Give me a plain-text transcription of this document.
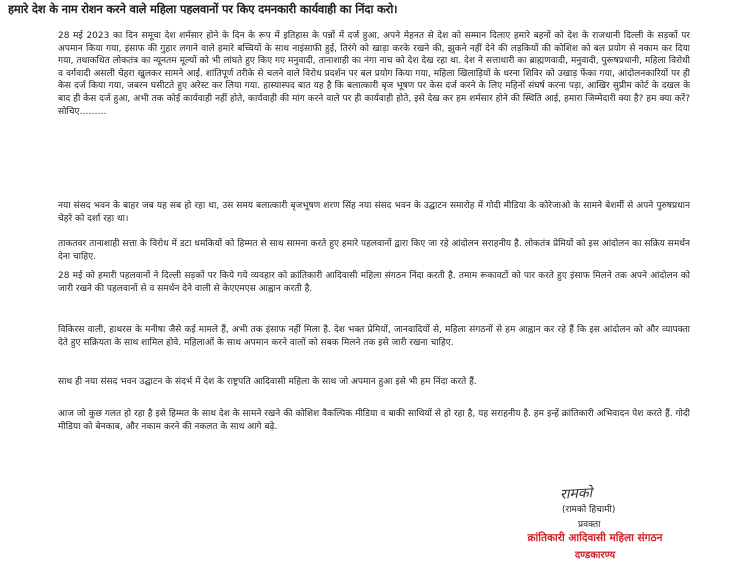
हमारे देश के नाम रोशन करने वाले महिला पहलवानों पर किए दमनकारी कार्यवाही का निंदा करो।
28 मई 2023 का दिन समूचा देश शर्मसार होने के दिन के रूप में इतिहास के पन्नों में दर्ज हुआ, अपने मेहनत से देश को सम्मान दिलाए हमारे बहनों को देश के राजधानी दिल्ली के सड़कों पर अपमान किया गया, इंसाफ की गुहार लगाने वाले हमारे बच्चियों के साथ नाइंसाफी हुई, तिरंगे को खाड़ा करके रखने की, झुकने नहीं देने की लड़कियों की कोशिश को बल प्रयोग से नकाम कर दिया गया, तथाकथित लोकतंत्र का न्यूनतम मूल्यों को भी लांघते हुए किए गए मनुवादी, तानाशाही का नंगा नाच को देश देख रहा था. देश ने सत्ताधारी का ब्राह्मणवादी, मनुवादी, पुरूषप्रधानी, महिला विरोधी व वर्गवादी असली चेहरा खुलकर सामने आई. शांतिपूर्ण तरीके से चलने वाले विरोध प्रदर्शन पर बल प्रयोग किया गया, महिला खिलाड़ियों के धरना शिविर को उखाड़ फेंका गया, आंदोलनकारियों पर ही केस दर्ज किया गया, जबरन घसीटते हुए अरेस्ट कर लिया गया. हास्यास्पद बात यह है कि बलात्कारी बृज भूषण पर केस दर्ज करने के लिए महिनों संघर्ष करना पड़ा, आखिर सुप्रीम कोर्ट के दखल के बाद ही केस दर्ज हुआ, अभी तक कोई कार्यवाही नहीं होते, कार्यवाही की मांग करने वाले पर ही कार्यवाही होते, इसे देख कर हम शर्मसार होने की स्थिति आई, हमारा जिम्मेदारी क्या है? हम क्या करें? सोचिए………
नया संसद भवन के बाहर जब यह सब हो रहा था, उस समय बलात्कारी बृजभूषण शरण सिंह नया संसद भवन के उद्घाटन समारोह में गोदी मीडिया के कोरेजाओ के सामने बेशर्मी से अपने पुरुषप्रधान चेहरे को दर्शा रहा था।
ताकतवर तानाशाही सत्ता के विरोध में डटा धमकियों को हिम्मत से साथ सामना करते हुए हमारे पहलवानों द्वारा किए जा रहे आंदोलन सराहनीय है. लोकतंत्र प्रेमियों को इस आंदोलन का सक्रिय समर्थन देना चाहिए.
28 मई को हमारी पहलवानों ने दिल्ली सड़कों पर किये गये व्यवहार को क्रांतिकारी आदिवासी महिला संगठन निंदा करती है. तमाम रूकावटों को पार करते हुए इंसाफ मिलने तक अपने आंदोलन को जारी रखने की पहलवानों से व समर्थन देने वाली से केएएमएस आह्वान करती है.
विकिरस वाली, हाथरस के मनीषा जैसे कई मामले हैं, अभी तक इंसाफ नहीं मिला है. देश भक्त प्रेमियों, जानवादियों से, महिला संगठनों से हम आह्वान कर रहे हैं कि इस आंदोलन को और व्यापक्ता देते हुए सक्रियता के साथ शामिल होवे. महिलाओं के साथ अपमान करने वालों को सबक मिलने तक इसे जारी रखना चाहिए.
साथ ही नया संसद भवन उद्घाटन के संदर्भ में देश के राष्ट्रपति आदिवासी महिला के साथ जो अपमान हुआ इसे भी हम निंदा करते हैं.
आज जो कुछ गलत हो रहा है इसे हिम्मत के साथ देश के सामने रखने की कोशिश वैकल्पिक मीडिया व बाकी साथियों से हो रहा है, यह सराहनीय है. हम इन्हें क्रांतिकारी अभिवादन पेश करते हैं. गोदी मीडिया को बेनकाब, और नकाम करने की नकलत के साथ आगे बढ़े.
रामको
(रामको हिचामी)
प्रवक्ता
क्रांतिकारी आदिवासी महिला संगठन
दण्डकारण्य
